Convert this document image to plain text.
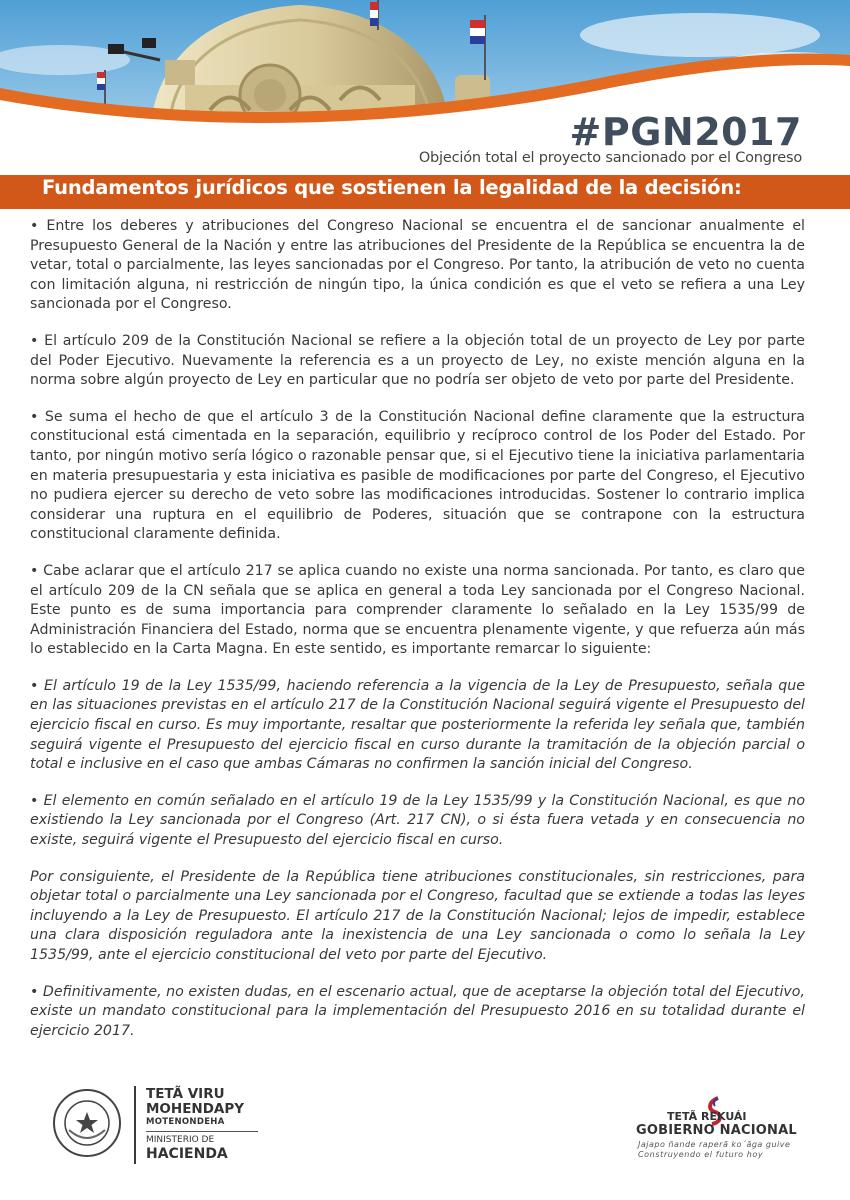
#PGN2017
Objeción total el proyecto sancionado por el Congreso
Fundamentos jurídicos que sostienen la legalidad de la decisión:

• Entre los deberes y atribuciones del Congreso Nacional se encuentra el de sancionar anualmente el Presupuesto General de la Nación y entre las atribuciones del Presidente de la República se encuentra la de vetar, total o parcialmente, las leyes sancionadas por el Congreso. Por tanto, la atribución de veto no cuenta con limitación alguna, ni restricción de ningún tipo, la única condición es que el veto se refiera a una Ley sancionada por el Congreso.

• El artículo 209 de la Constitución Nacional se refiere a la objeción total de un proyecto de Ley por parte del Poder Ejecutivo. Nuevamente la referencia es a un proyecto de Ley, no existe mención alguna en la norma sobre algún proyecto de Ley en particular que no podría ser objeto de veto por parte del Presidente.

• Se suma el hecho de que el artículo 3 de la Constitución Nacional define claramente que la estructura constitucional está cimentada en la separación, equilibrio y recíproco control de los Poder del Estado. Por tanto, por ningún motivo sería lógico o razonable pensar que, si el Ejecutivo tiene la iniciativa parlamentaria en materia presupuestaria y esta iniciativa es pasible de modificaciones por parte del Congreso, el Ejecutivo no pudiera ejercer su derecho de veto sobre las modificaciones introducidas. Sostener lo contrario implica considerar una ruptura en el equilibrio de Poderes, situación que se contrapone con la estructura constitucional claramente definida.

• Cabe aclarar que el artículo 217 se aplica cuando no existe una norma sancionada. Por tanto, es claro que el artículo 209 de la CN señala que se aplica en general a toda Ley sancionada por el Congreso Nacional. Este punto es de suma importancia para comprender claramente lo señalado en la Ley 1535/99 de Administración Financiera del Estado, norma que se encuentra plenamente vigente, y que refuerza aún más lo establecido en la Carta Magna. En este sentido, es importante remarcar lo siguiente:

• El artículo 19 de la Ley 1535/99, haciendo referencia a la vigencia de la Ley de Presupuesto, señala que en las situaciones previstas en el artículo 217 de la Constitución Nacional seguirá vigente el Presupuesto del ejercicio fiscal en curso. Es muy importante, resaltar que posteriormente la referida ley señala que, también seguirá vigente el Presupuesto del ejercicio fiscal en curso durante la tramitación de la objeción parcial o total e inclusive en el caso que ambas Cámaras no confirmen la sanción inicial del Congreso.

• El elemento en común señalado en el artículo 19 de la Ley 1535/99 y la Constitución Nacional, es que no existiendo la Ley sancionada por el Congreso (Art. 217 CN), o si ésta fuera vetada y en consecuencia no existe, seguirá vigente el Presupuesto del ejercicio fiscal en curso.

Por consiguiente, el Presidente de la República tiene atribuciones constitucionales, sin restricciones, para objetar total o parcialmente una Ley sancionada por el Congreso, facultad que se extiende a todas las leyes incluyendo a la Ley de Presupuesto. El artículo 217 de la Constitución Nacional; lejos de impedir, establece una clara disposición reguladora ante la inexistencia de una Ley sancionada o como lo señala la Ley 1535/99, ante el ejercicio constitucional del veto por parte del Ejecutivo.

• Definitivamente, no existen dudas, en el escenario actual, que de aceptarse la objeción total del Ejecutivo, existe un mandato constitucional para la implementación del Presupuesto 2016 en su totalidad durante el ejercicio 2017.

TETÃ VIRU
MOHENDAPY
MOTENONDEHA
MINISTERIO DE
HACIENDA
TETÃ REKUÁI
GOBIERNO NACIONAL
Jajapo ñande raperã ko´ãga guive
Construyendo el futuro hoy
